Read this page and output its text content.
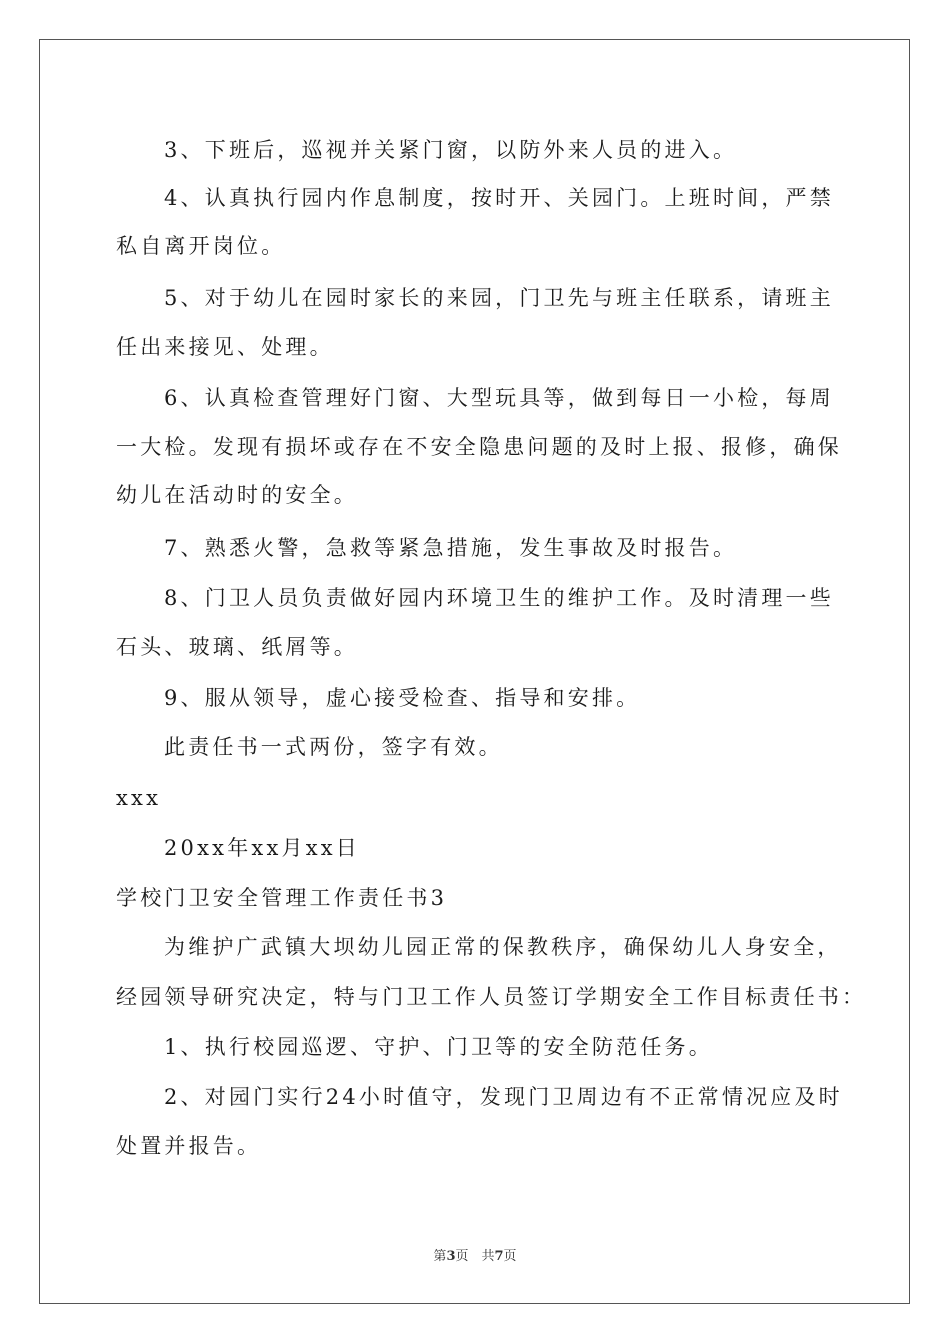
3、下班后，巡视并关紧门窗，以防外来人员的进入。
4、认真执行园内作息制度，按时开、关园门。上班时间，严禁
私自离开岗位。
5、对于幼儿在园时家长的来园，门卫先与班主任联系，请班主
任出来接见、处理。
6、认真检查管理好门窗、大型玩具等，做到每日一小检，每周
一大检。发现有损坏或存在不安全隐患问题的及时上报、报修，确保
幼儿在活动时的安全。
7、熟悉火警，急救等紧急措施，发生事故及时报告。
8、门卫人员负责做好园内环境卫生的维护工作。及时清理一些
石头、玻璃、纸屑等。
9、服从领导，虚心接受检查、指导和安排。
此责任书一式两份，签字有效。
xxx
20xx年xx月xx日
学校门卫安全管理工作责任书3
为维护广武镇大坝幼儿园正常的保教秩序，确保幼儿人身安全，
经园领导研究决定，特与门卫工作人员签订学期安全工作目标责任书：
1、执行校园巡逻、守护、门卫等的安全防范任务。
2、对园门实行24小时值守，发现门卫周边有不正常情况应及时
处置并报告。
第3页　共7页
